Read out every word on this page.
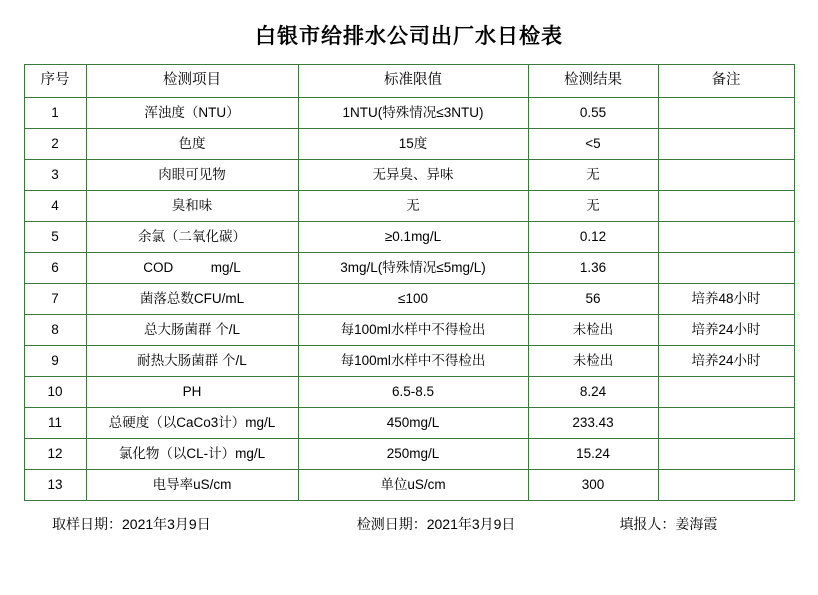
白银市给排水公司出厂水日检表
序号	检测项目	标准限值	检测结果	备注
1	浑浊度（NTU）	1NTU(特殊情况≤3NTU)	0.55	
2	色度	15度	<5	
3	肉眼可见物	无异臭、异味	无	
4	臭和味	无	无	
5	余氯（二氧化碳）	≥0.1mg/L	0.12	
6	COD          mg/L	3mg/L(特殊情况≤5mg/L)	1.36	
7	菌落总数CFU/mL	≤100	56	培养48小时
8	总大肠菌群 个/L	每100ml水样中不得检出	未检出	培养24小时
9	耐热大肠菌群 个/L	每100ml水样中不得检出	未检出	培养24小时
10	PH	6.5-8.5	8.24	
11	总硬度（以CaCo3计）mg/L	450mg/L	233.43	
12	氯化物（以CL-计）mg/L	250mg/L	15.24	
13	电导率uS/cm	单位uS/cm	300	
取样日期：2021年3月9日	检测日期：2021年3月9日	填报人：姜海霞
